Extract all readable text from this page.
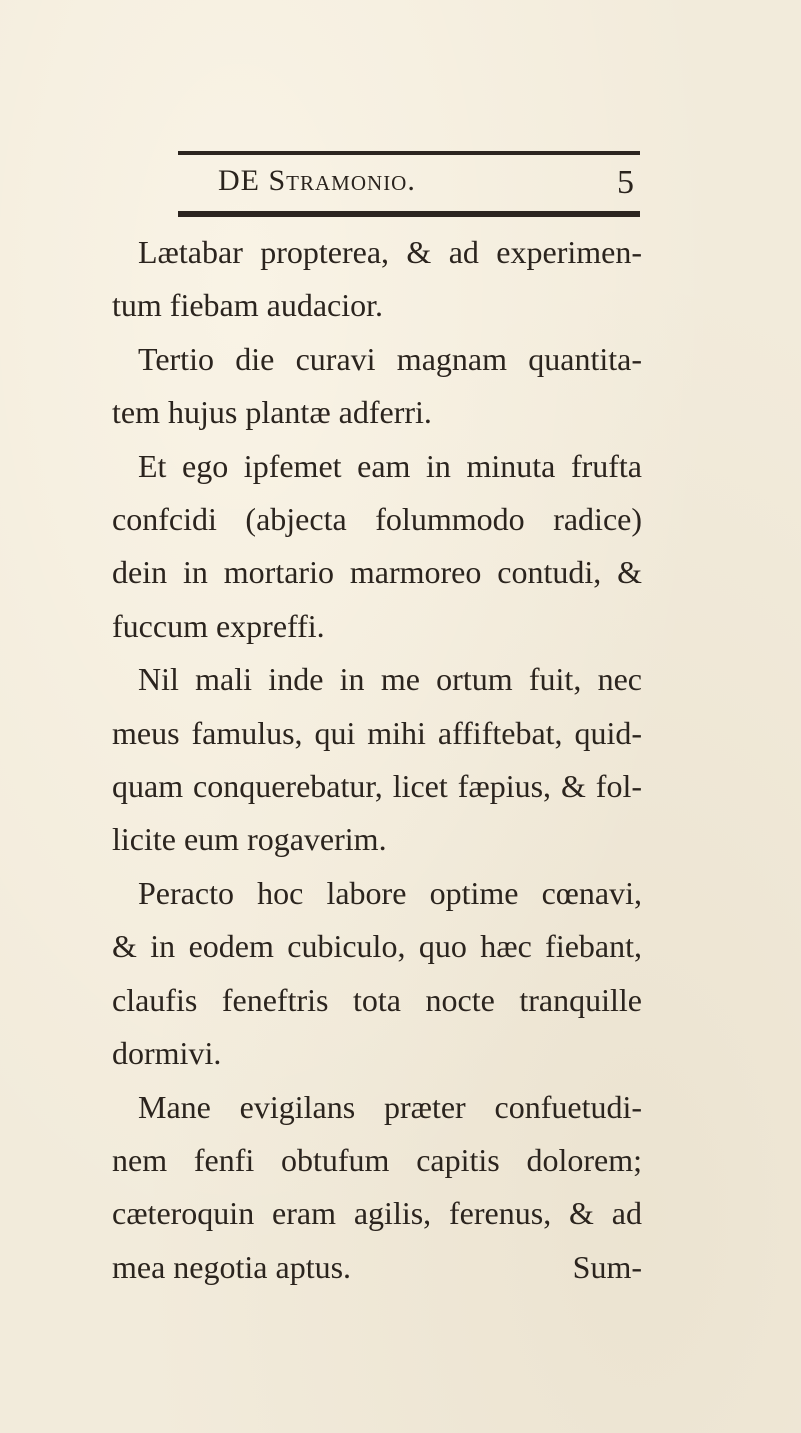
DE Stramonio.	5
Lætabar propterea, & ad experimen-
tum fiebam audacior.
Tertio die curavi magnam quantita-
tem hujus plantæ adferri.
Et ego ipfemet eam in minuta frufta
confcidi (abjecta folummodo radice)
dein in mortario marmoreo contudi, &
fuccum expreffi.
Nil mali inde in me ortum fuit, nec
meus famulus, qui mihi affiftebat, quid-
quam conquerebatur, licet fæpius, & fol-
licite eum rogaverim.
Peracto hoc labore optime cœnavi,
& in eodem cubiculo, quo hæc fiebant,
claufis feneftris tota nocte tranquille
dormivi.
Mane evigilans præter confuetudi-
nem fenfi obtufum capitis dolorem;
cæteroquin eram agilis, ferenus, & ad
mea negotia aptus.	Sum-
